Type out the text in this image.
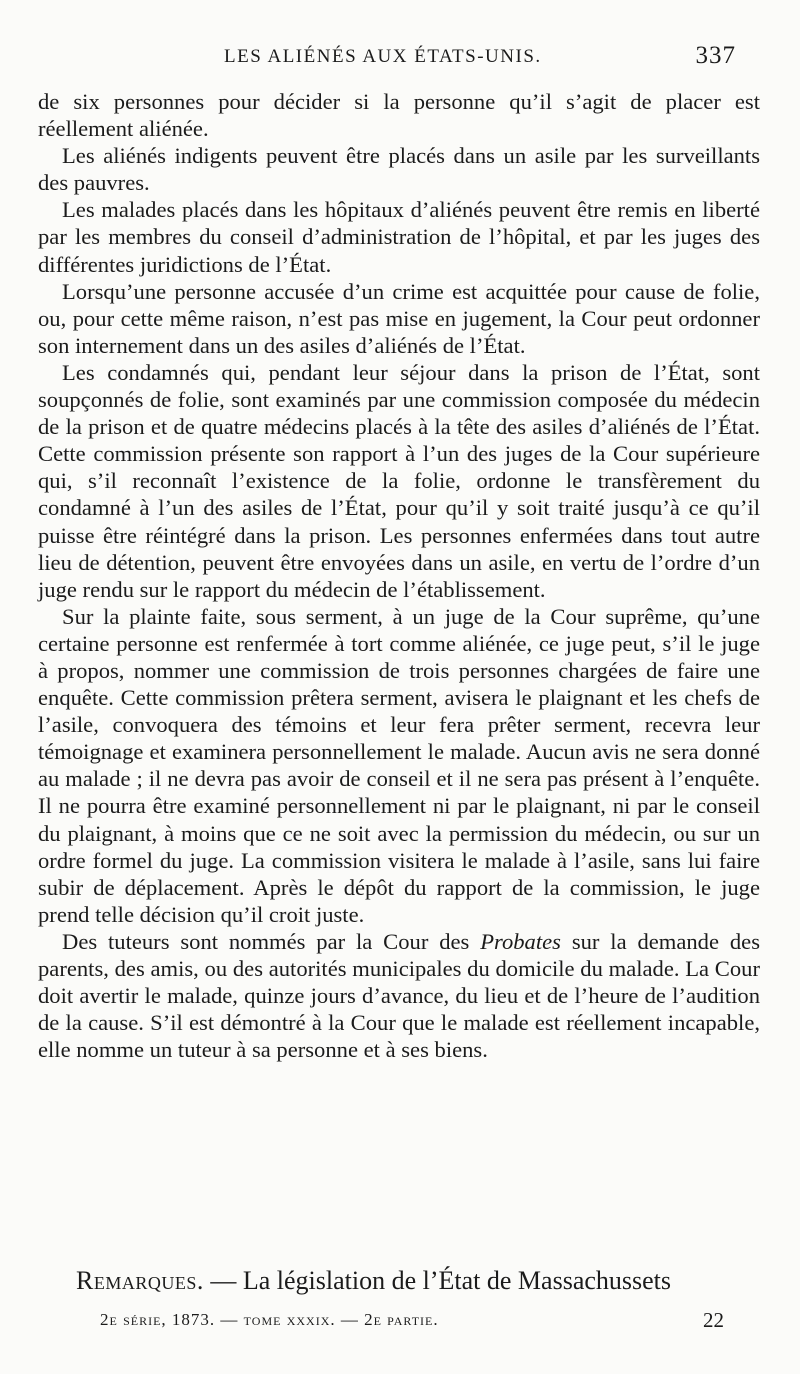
LES ALIÉNÉS AUX ÉTATS-UNIS.	337

de six personnes pour décider si la personne qu’il s’agit de placer est réellement aliénée.

Les aliénés indigents peuvent être placés dans un asile par les surveillants des pauvres.

Les malades placés dans les hôpitaux d’aliénés peuvent être remis en liberté par les membres du conseil d’administration de l’hôpital, et par les juges des différentes juridictions de l’État.

Lorsqu’une personne accusée d’un crime est acquittée pour cause de folie, ou, pour cette même raison, n’est pas mise en jugement, la Cour peut ordonner son internement dans un des asiles d’aliénés de l’État.

Les condamnés qui, pendant leur séjour dans la prison de l’État, sont soupçonnés de folie, sont examinés par une commission composée du médecin de la prison et de quatre médecins placés à la tête des asiles d’aliénés de l’État. Cette commission présente son rapport à l’un des juges de la Cour supérieure qui, s’il reconnaît l’existence de la folie, ordonne le transfèrement du condamné à l’un des asiles de l’État, pour qu’il y soit traité jusqu’à ce qu’il puisse être réintégré dans la prison. Les personnes enfermées dans tout autre lieu de détention, peuvent être envoyées dans un asile, en vertu de l’ordre d’un juge rendu sur le rapport du médecin de l’établissement.

Sur la plainte faite, sous serment, à un juge de la Cour suprême, qu’une certaine personne est renfermée à tort comme aliénée, ce juge peut, s’il le juge à propos, nommer une commission de trois personnes chargées de faire une enquête. Cette commission prêtera serment, avisera le plaignant et les chefs de l’asile, convoquera des témoins et leur fera prêter serment, recevra leur témoignage et examinera personnellement le malade. Aucun avis ne sera donné au malade ; il ne devra pas avoir de conseil et il ne sera pas présent à l’enquête. Il ne pourra être examiné personnellement ni par le plaignant, ni par le conseil du plaignant, à moins que ce ne soit avec la permission du médecin, ou sur un ordre formel du juge. La commission visitera le malade à l’asile, sans lui faire subir de déplacement. Après le dépôt du rapport de la commission, le juge prend telle décision qu’il croit juste.

Des tuteurs sont nommés par la Cour des Probates sur la demande des parents, des amis, ou des autorités municipales du domicile du malade. La Cour doit avertir le malade, quinze jours d’avance, du lieu et de l’heure de l’audition de la cause. S’il est démontré à la Cour que le malade est réellement incapable, elle nomme un tuteur à sa personne et à ses biens.

Remarques. — La législation de l’État de Massachussets

2e série, 1873. — tome xxxix. — 2e partie.	22
